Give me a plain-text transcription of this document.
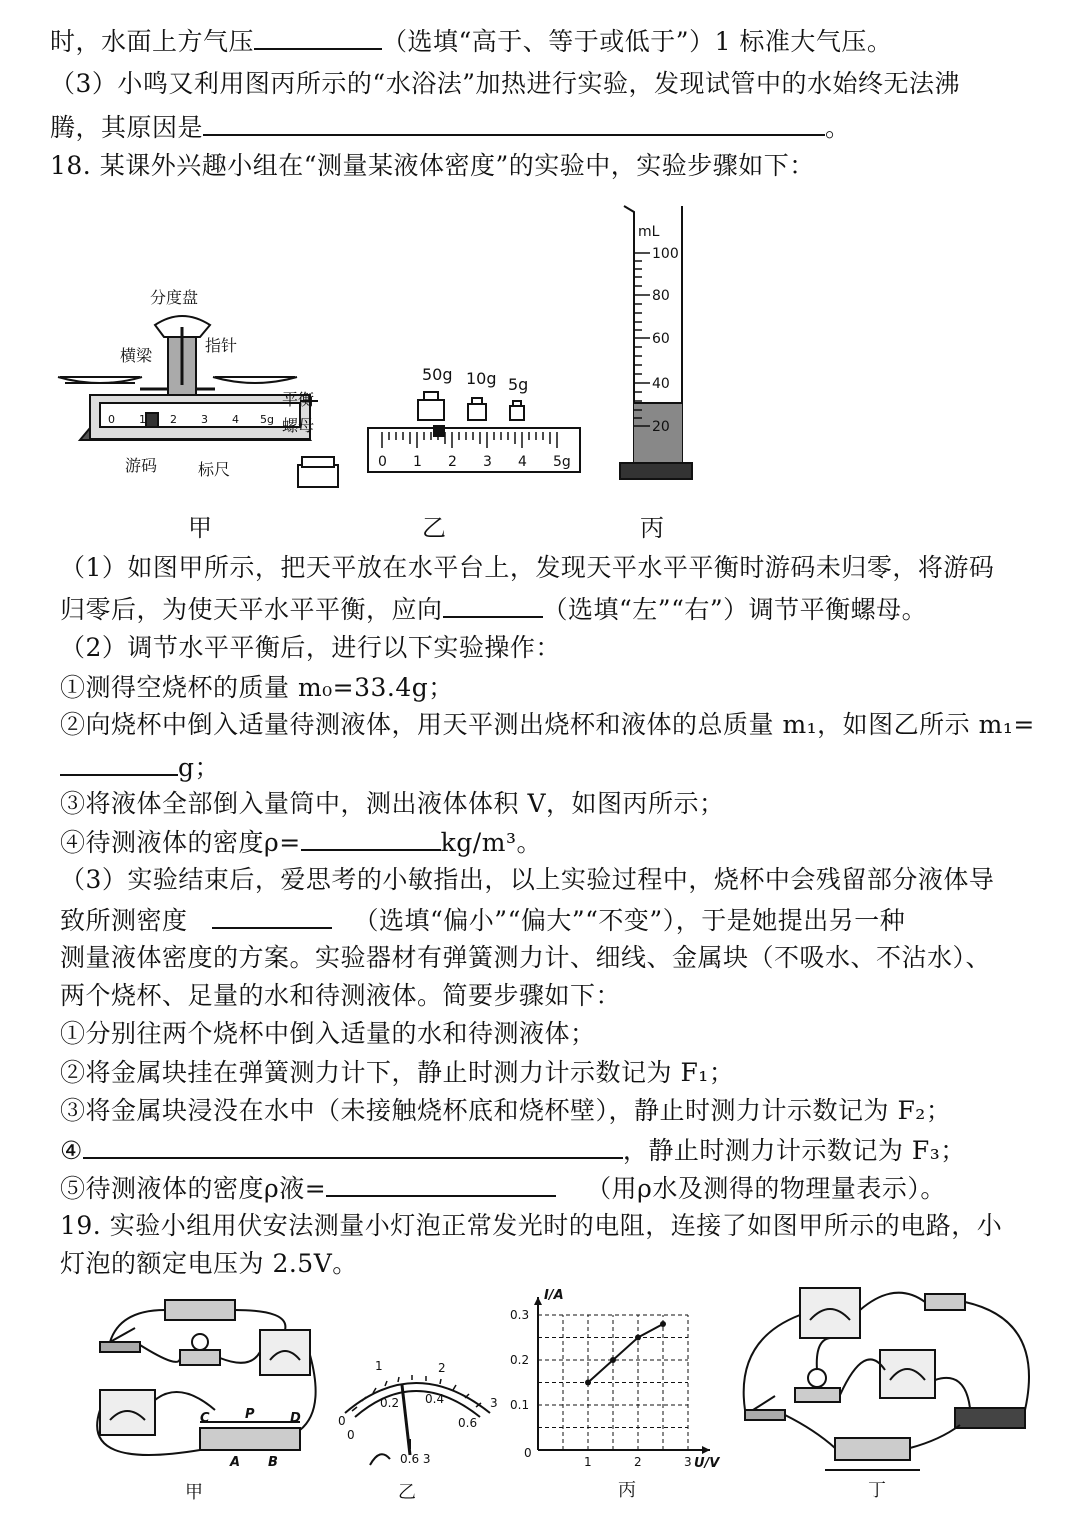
时，水面上方气压	（选填“高于、等于或低于”）1 标准大气压。
（3）小鸣又利用图丙所示的“水浴法”加热进行实验，发现试管中的水始终无法沸
腾，其原因是	。
18. 某课外兴趣小组在“测量某液体密度”的实验中，实验步骤如下：
0 1 2 3 4 5g
分度盘
指针
横梁
平衡
螺母
游码	标尺
50g 10g 5g
0 1 2 3 4 5g
mL
100
80
60
40
20
甲	乙	丙
（1）如图甲所示，把天平放在水平台上，发现天平水平平衡时游码未归零，将游码
归零后，为使天平水平平衡，应向	（选填“左”“右”）调节平衡螺母。
（2）调节水平平衡后，进行以下实验操作：
①测得空烧杯的质量 m₀=33.4g；
②向烧杯中倒入适量待测液体，用天平测出烧杯和液体的总质量 m₁，如图乙所示 m₁=
g；
③将液体全部倒入量筒中，测出液体体积 V，如图丙所示；
④待测液体的密度ρ=	kg/m³。
（3）实验结束后，爱思考的小敏指出，以上实验过程中，烧杯中会残留部分液体导
致所测密度	（选填“偏小”“偏大”“不变”），于是她提出另一种
测量液体密度的方案。实验器材有弹簧测力计、细线、金属块（不吸水、不沾水）、
两个烧杯、足量的水和待测液体。简要步骤如下：
①分别往两个烧杯中倒入适量的水和待测液体；
②将金属块挂在弹簧测力计下，静止时测力计示数记为 F₁；
③将金属块浸没在水中（未接触烧杯底和烧杯壁），静止时测力计示数记为 F₂；
④	，静止时测力计示数记为 F₃；
⑤待测液体的密度ρ液=	（用ρ水及测得的物理量表示）。
19. 实验小组用伏安法测量小灯泡正常发光时的电阻，连接了如图甲所示的电路，小
灯泡的额定电压为 2.5V。
C	P	D
A B
0
1	2
3
0
0.2 0.4
0.6
0.6 3
I/A
U/V
0
0.3
0.2
0.1
1	2	3
甲	乙	丙	丁
